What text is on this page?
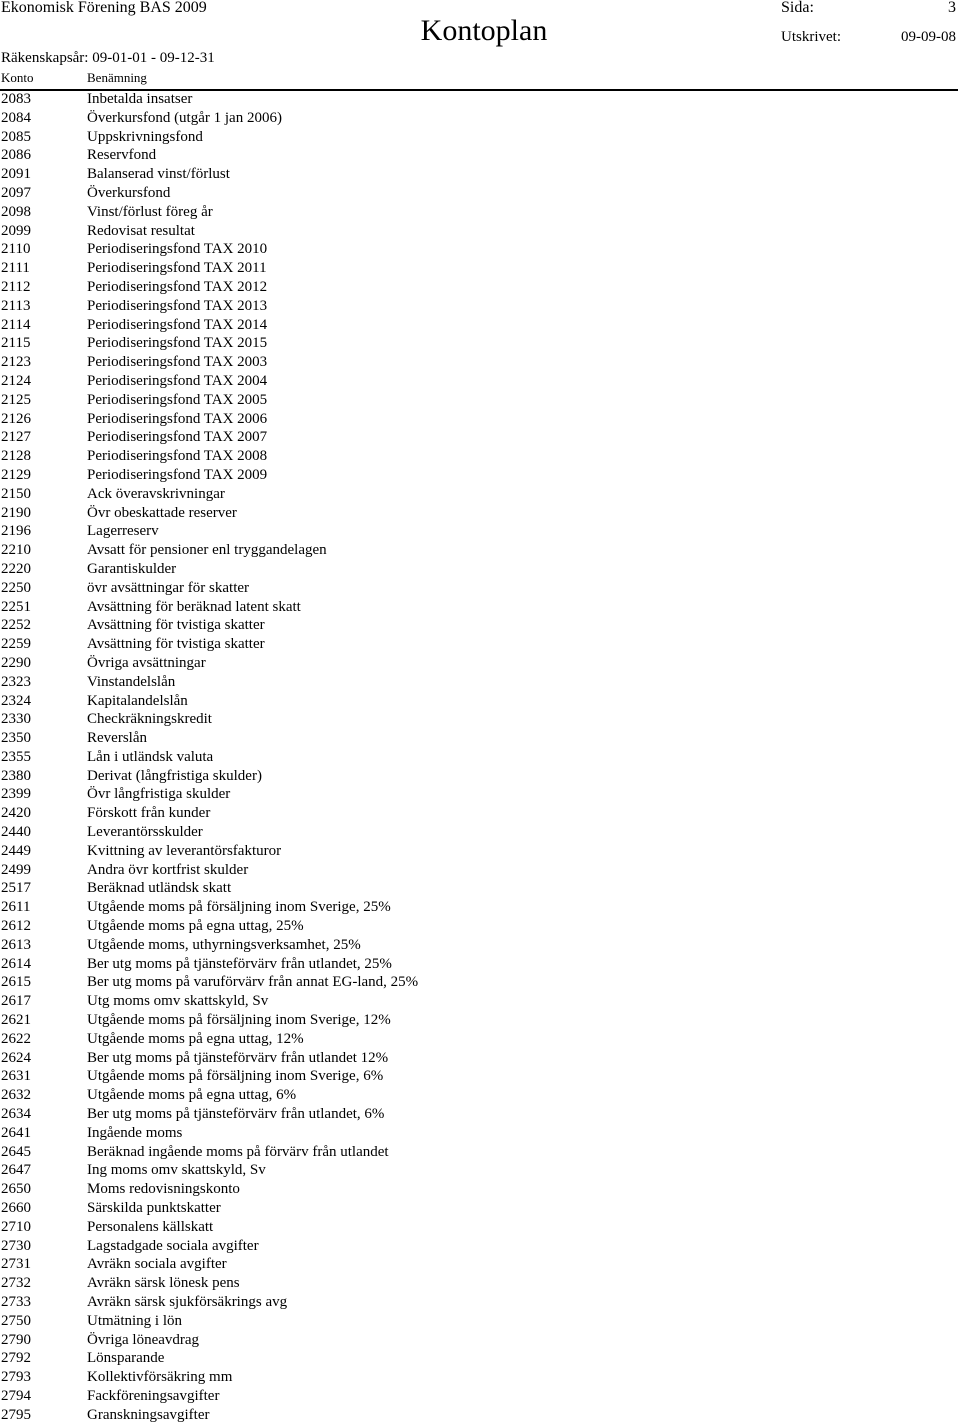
Ekonomisk Förening BAS 2009
Kontoplan
Sida:	3
Räkenskapsår: 09-01-01 - 09-12-31
Utskrivet:	09-09-08
Konto	Benämning
2083	Inbetalda insatser
2084	Överkursfond (utgår 1 jan 2006)
2085	Uppskrivningsfond
2086	Reservfond
2091	Balanserad vinst/förlust
2097	Överkursfond
2098	Vinst/förlust föreg år
2099	Redovisat resultat
2110	Periodiseringsfond TAX 2010
2111	Periodiseringsfond TAX 2011
2112	Periodiseringsfond TAX 2012
2113	Periodiseringsfond TAX 2013
2114	Periodiseringsfond TAX 2014
2115	Periodiseringsfond TAX 2015
2123	Periodiseringsfond TAX 2003
2124	Periodiseringsfond TAX 2004
2125	Periodiseringsfond TAX 2005
2126	Periodiseringsfond TAX 2006
2127	Periodiseringsfond TAX 2007
2128	Periodiseringsfond TAX 2008
2129	Periodiseringsfond TAX 2009
2150	Ack överavskrivningar
2190	Övr obeskattade reserver
2196	Lagerreserv
2210	Avsatt för pensioner enl tryggandelagen
2220	Garantiskulder
2250	övr avsättningar för skatter
2251	Avsättning för beräknad latent skatt
2252	Avsättning för tvistiga skatter
2259	Avsättning för tvistiga skatter
2290	Övriga avsättningar
2323	Vinstandelslån
2324	Kapitalandelslån
2330	Checkräkningskredit
2350	Reverslån
2355	Lån i utländsk valuta
2380	Derivat (långfristiga skulder)
2399	Övr långfristiga skulder
2420	Förskott från kunder
2440	Leverantörsskulder
2449	Kvittning av leverantörsfakturor
2499	Andra övr kortfrist skulder
2517	Beräknad utländsk skatt
2611	Utgående moms på försäljning inom Sverige, 25%
2612	Utgående moms på egna uttag, 25%
2613	Utgående moms, uthyrningsverksamhet, 25%
2614	Ber utg moms på tjänsteförvärv från utlandet, 25%
2615	Ber utg moms på varuförvärv från annat EG-land, 25%
2617	Utg moms omv skattskyld, Sv
2621	Utgående moms på försäljning inom Sverige, 12%
2622	Utgående moms på egna uttag, 12%
2624	Ber utg moms på tjänsteförvärv från utlandet 12%
2631	Utgående moms på försäljning inom Sverige, 6%
2632	Utgående moms på egna uttag, 6%
2634	Ber utg moms på tjänsteförvärv från utlandet, 6%
2641	Ingående moms
2645	Beräknad ingående moms på förvärv från utlandet
2647	Ing moms omv skattskyld, Sv
2650	Moms redovisningskonto
2660	Särskilda punktskatter
2710	Personalens källskatt
2730	Lagstadgade sociala avgifter
2731	Avräkn sociala avgifter
2732	Avräkn särsk lönesk pens
2733	Avräkn särsk sjukförsäkrings avg
2750	Utmätning i lön
2790	Övriga löneavdrag
2792	Lönsparande
2793	Kollektivförsäkring mm
2794	Fackföreningsavgifter
2795	Granskningsavgifter
